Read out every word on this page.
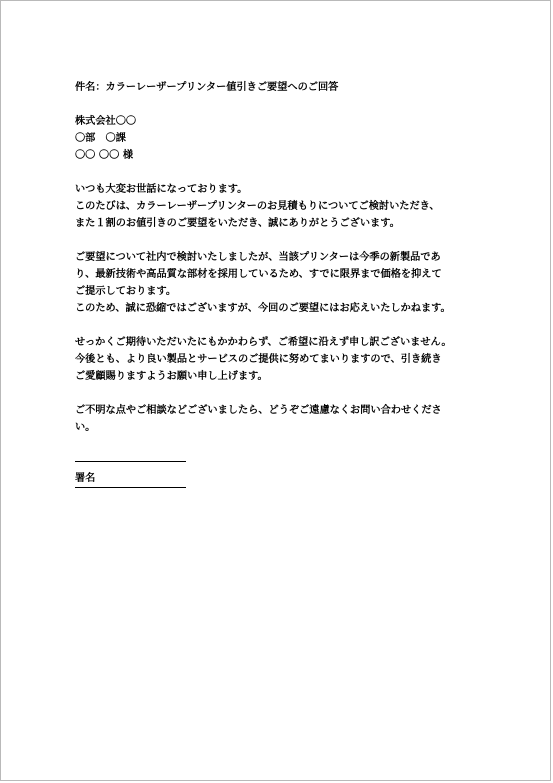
件名：カラーレーザープリンター値引きご要望へのご回答
株式会社〇〇
〇部　〇課
〇〇 〇〇 様
いつも大変お世話になっております。
このたびは、カラーレーザープリンターのお見積もりについてご検討いただき、
また１割のお値引きのご要望をいただき、誠にありがとうございます。
ご要望について社内で検討いたしましたが、当該プリンターは今季の新製品であ
り、最新技術や高品質な部材を採用しているため、すでに限界まで価格を抑えて
ご提示しております。
このため、誠に恐縮ではございますが、今回のご要望にはお応えいたしかねます。
せっかくご期待いただいたにもかかわらず、ご希望に沿えず申し訳ございません。
今後とも、より良い製品とサービスのご提供に努めてまいりますので、引き続き
ご愛顧賜りますようお願い申し上げます。
ご不明な点やご相談などございましたら、どうぞご遠慮なくお問い合わせくださ
い。
署名
